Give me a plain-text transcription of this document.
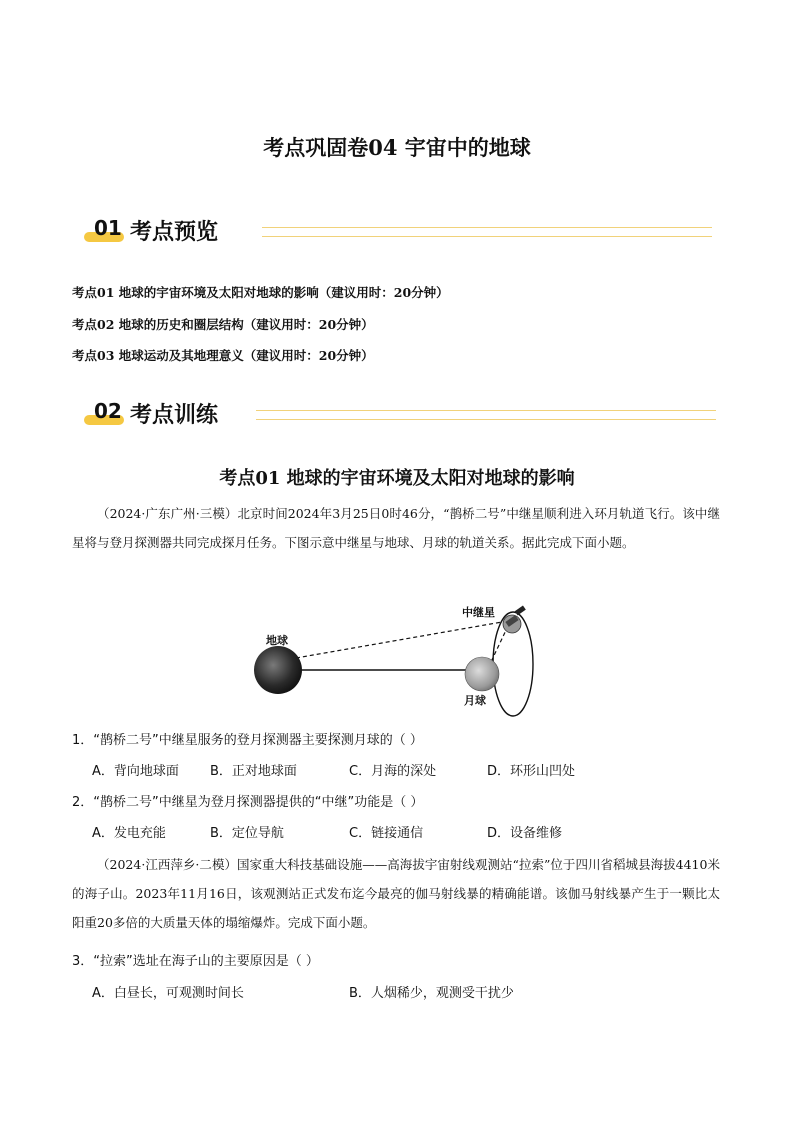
考点巩固卷04 宇宙中的地球
01 考点预览
考点01 地球的宇宙环境及太阳对地球的影响（建议用时：20分钟）
考点02 地球的历史和圈层结构（建议用时：20分钟）
考点03 地球运动及其地理意义（建议用时：20分钟）
02 考点训练
考点01 地球的宇宙环境及太阳对地球的影响
（2024·广东广州·三模）北京时间2024年3月25日0时46分，“鹊桥二号”中继星顺利进入环月轨道飞行。该中继星将与登月探测器共同完成探月任务。下图示意中继星与地球、月球的轨道关系。据此完成下面小题。
地球
月球
中继星
1．“鹊桥二号”中继星服务的登月探测器主要探测月球的（ ）
A．背向地球面 B．正对地球面	C．月海的深处	D．环形山凹处
2．“鹊桥二号”中继星为登月探测器提供的“中继”功能是（ ）
A．发电充能	B．定位导航	C．链接通信	D．设备维修
（2024·江西萍乡·二模）国家重大科技基础设施——高海拔宇宙射线观测站“拉索”位于四川省稻城县海拔4410米的海子山。2023年11月16日，该观测站正式发布迄今最亮的伽马射线暴的精确能谱。该伽马射线暴产生于一颗比太阳重20多倍的大质量天体的塌缩爆炸。完成下面小题。
3．“拉索”选址在海子山的主要原因是（ ）
A．白昼长，可观测时间长	B．人烟稀少，观测受干扰少
